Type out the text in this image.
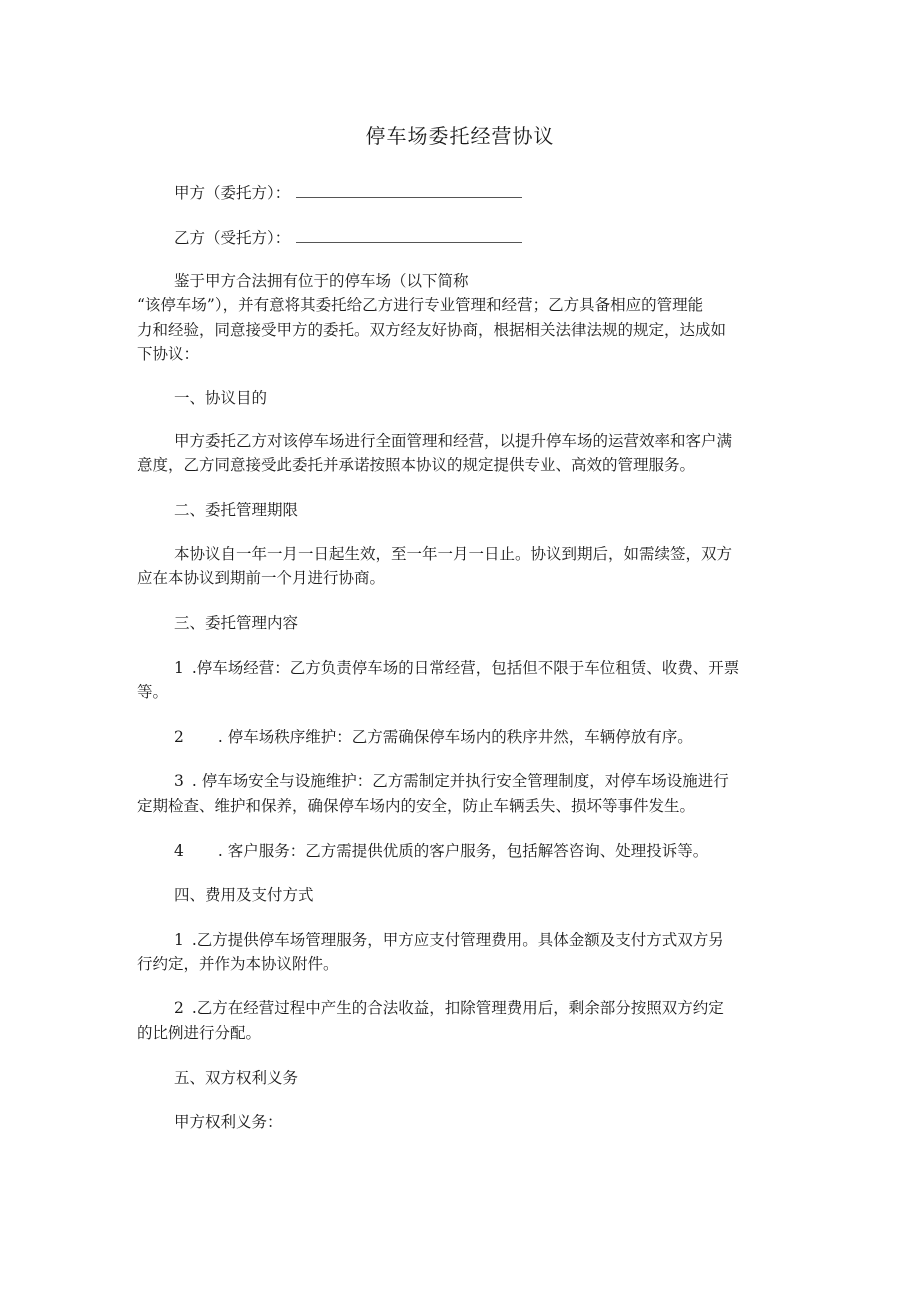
停车场委托经营协议
甲方（委托方）：
乙方（受托方）：
鉴于甲方合法拥有位于的停车场（以下简称
“该停车场”），并有意将其委托给乙方进行专业管理和经营；乙方具备相应的管理能
力和经验，同意接受甲方的委托。双方经友好协商，根据相关法律法规的规定，达成如
下协议：
一、协议目的
甲方委托乙方对该停车场进行全面管理和经营，以提升停车场的运营效率和客户满
意度，乙方同意接受此委托并承诺按照本协议的规定提供专业、高效的管理服务。
二、委托管理期限
本协议自一年一月一日起生效，至一年一月一日止。协议到期后，如需续签，双方
应在本协议到期前一个月进行协商。
三、委托管理内容
1 .停车场经营：乙方负责停车场的日常经营，包括但不限于车位租赁、收费、开票
等。
2 . 停车场秩序维护：乙方需确保停车场内的秩序井然，车辆停放有序。
3 . 停车场安全与设施维护：乙方需制定并执行安全管理制度，对停车场设施进行
定期检查、维护和保养，确保停车场内的安全，防止车辆丢失、损坏等事件发生。
4 . 客户服务：乙方需提供优质的客户服务，包括解答咨询、处理投诉等。
四、费用及支付方式
1 .乙方提供停车场管理服务，甲方应支付管理费用。具体金额及支付方式双方另
行约定，并作为本协议附件。
2 .乙方在经营过程中产生的合法收益，扣除管理费用后，剩余部分按照双方约定
的比例进行分配。
五、双方权利义务
甲方权利义务：
